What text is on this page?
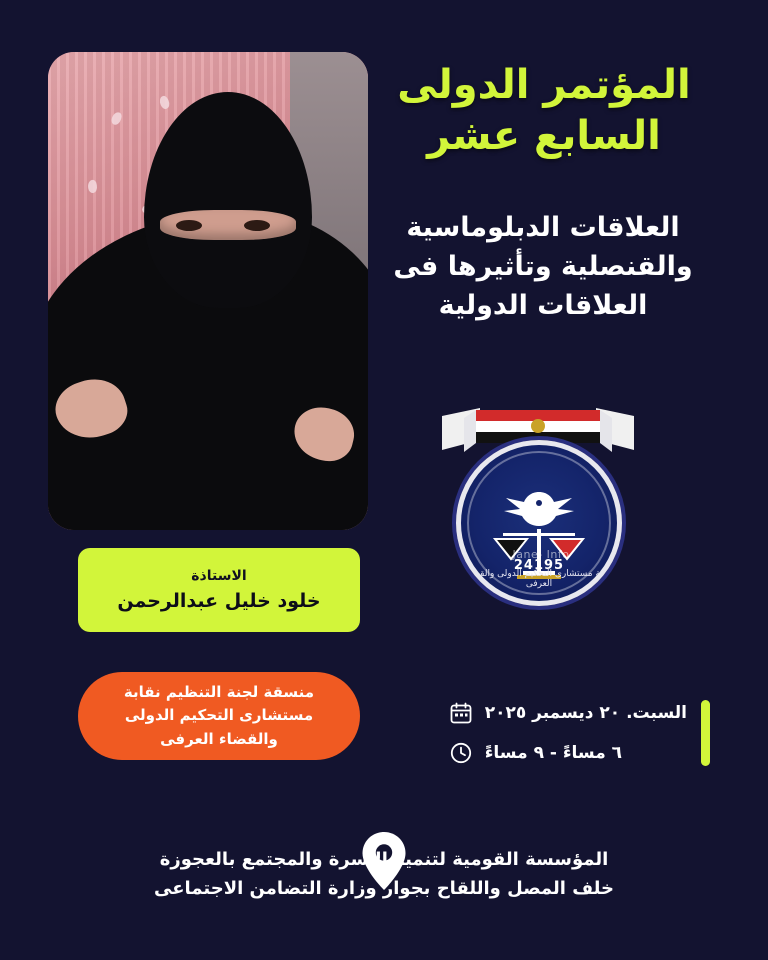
المؤتمر الدولى السابع عشر
العلاقات الدبلوماسية والقنصلية وتأثيرها فى العلاقات الدولية
24195
Jane- Info.
نقابة مستشارى التحكيم الدولى والقضاء العرفى
الاستاذة
خلود خليل عبدالرحمن
منسقة لجنة التنظيم نقابة مستشارى التحكيم الدولى والقضاء العرفى
السبت. ٢٠ ديسمبر ٢٠٢٥
٦ مساءً - ٩ مساءً
المؤسسة القومية لتنمية الأسرة والمجتمع بالعجوزة
خلف المصل واللقاح بجوار وزارة التضامن الاجتماعى
